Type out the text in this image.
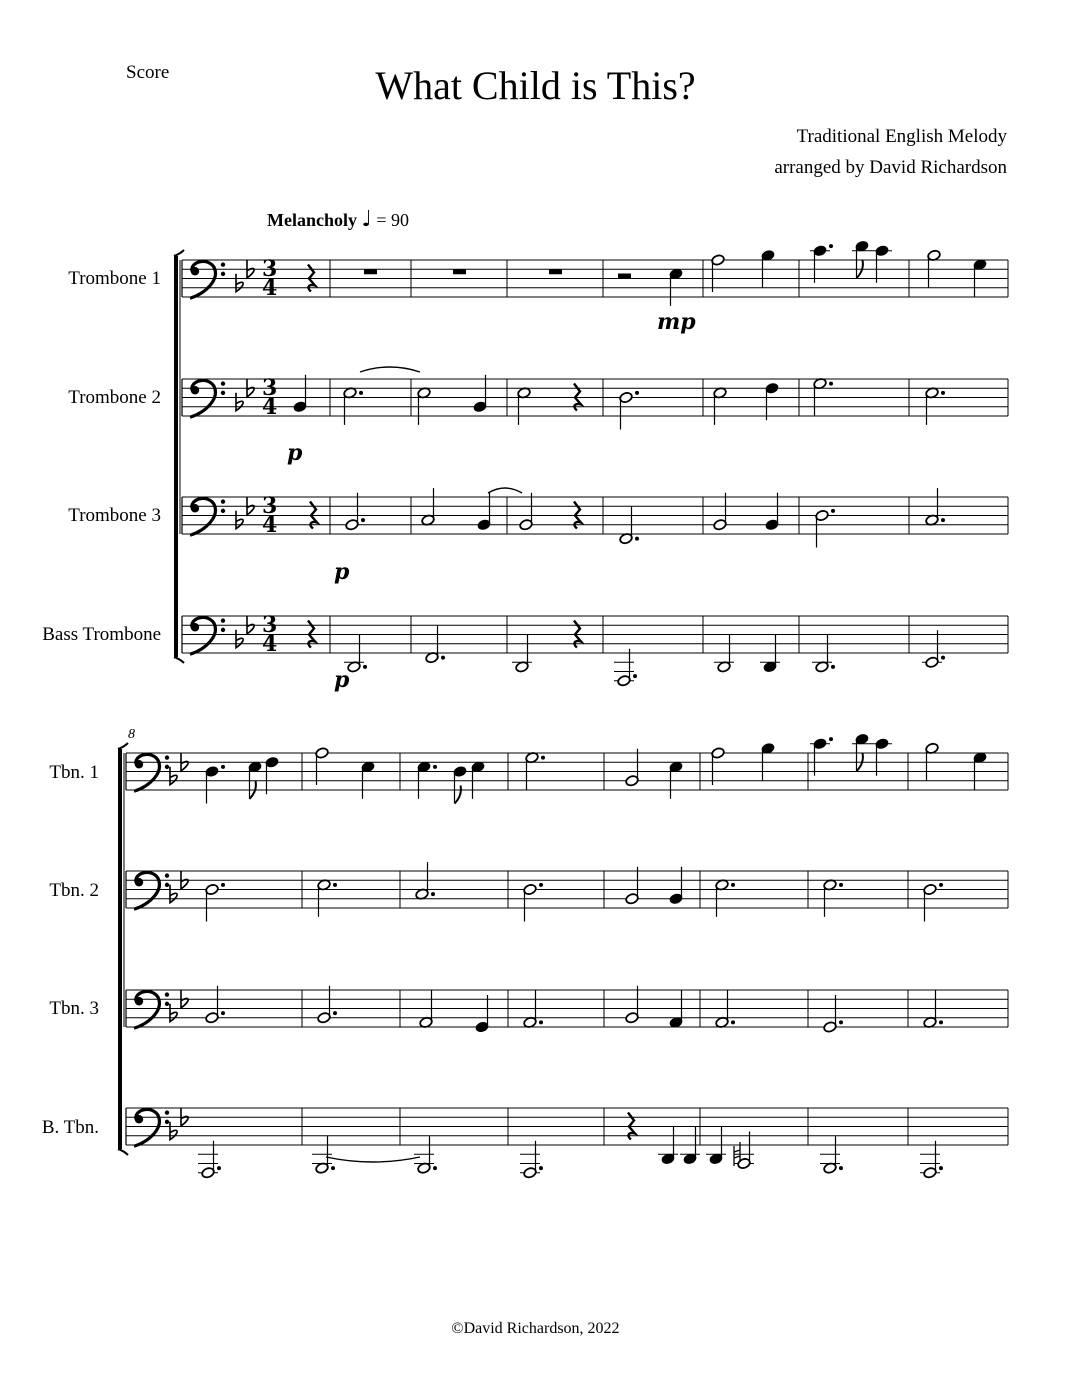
Score	What Child is This?
Traditional English Melody
arranged by David Richardson
Melancholy ♩ = 90
Trombone 1
Trombone 2
Trombone 3
Bass Trombone
Tbn. 1
Tbn. 2
Tbn. 3
B. Tbn.
©David Richardson, 2022
8
mp
p
p
p
3
4
3
4
3
4
3
4
